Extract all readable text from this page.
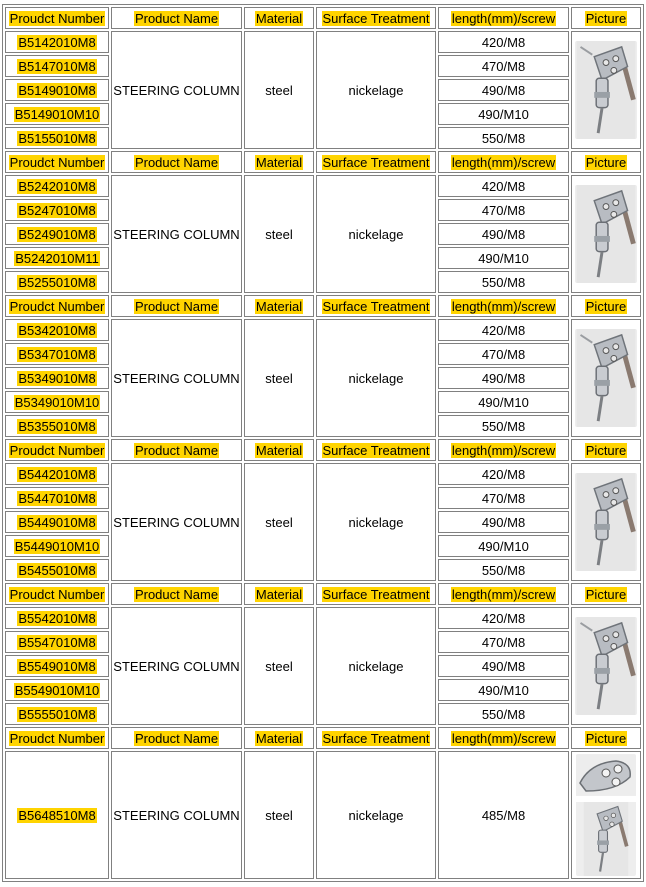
Proudct Number	Product Name	Material	Surface Treatment	length(mm)/screw	Picture
B5142010M8	STEERING COLUMN	steel	nickelage	420/M8	

B5147010M8				470/M8	
B5149010M8				490/M8	
B5149010M10				490/M10	
B5155010M8				550/M8	
Proudct Number	Product Name	Material	Surface Treatment	length(mm)/screw	Picture
B5242010M8	STEERING COLUMN	steel	nickelage	420/M8	

B5247010M8				470/M8	
B5249010M8				490/M8	
B5242010M11				490/M10	
B5255010M8				550/M8	
Proudct Number	Product Name	Material	Surface Treatment	length(mm)/screw	Picture
B5342010M8	STEERING COLUMN	steel	nickelage	420/M8	

B5347010M8				470/M8	
B5349010M8				490/M8	
B5349010M10				490/M10	
B5355010M8				550/M8	
Proudct Number	Product Name	Material	Surface Treatment	length(mm)/screw	Picture
B5442010M8	STEERING COLUMN	steel	nickelage	420/M8	

B5447010M8				470/M8	
B5449010M8				490/M8	
B5449010M10				490/M10	
B5455010M8				550/M8	
Proudct Number	Product Name	Material	Surface Treatment	length(mm)/screw	Picture
B5542010M8	STEERING COLUMN	steel	nickelage	420/M8	

B5547010M8				470/M8	
B5549010M8				490/M8	
B5549010M10				490/M10	
B5555010M8				550/M8	
Proudct Number	Product Name	Material	Surface Treatment	length(mm)/screw	Picture
B5648510M8	STEERING COLUMN	steel	nickelage	485/M8	
